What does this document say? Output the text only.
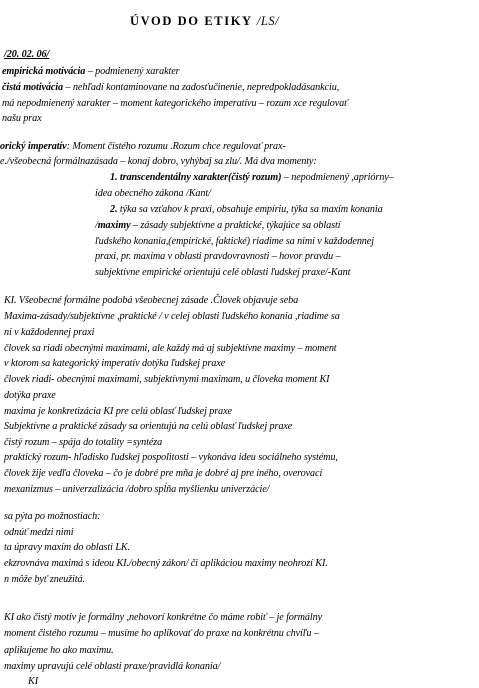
ÚVOD DO ETIKY /LS/
/20. 02. 06/
empirická motivácia – podmienený xarakter
čistá motivácia – nehľadí kontaminovane na zadosťučinenie, nepredpokladásankciu,
má nepodmienený xarakter – moment kategorického imperatívu – rozum xce regulovať
našu prax
orický imperatív: Moment čistého rozumu .Rozum chce regulovať prax-
e./všeobecná formálnazásada – konaj dobro, vyhýbaj sa zlu/. Má dva momenty:
1. transcendentálny xarakter(čistý rozum) – nepodmienený ,apriórny–
idea obecného zákona /Kant/
2. týka sa vzťahov k praxi, obsahuje empíriu, týka sa maxím konania
/maximy – zásady subjektívne a praktické, týkajúce sa oblastí
ľudského konania,(empirické, faktické) riadime sa nimi v každodennej
praxi, pr. maxima v oblasti pravdovravnosti – hovor pravdu –
subjektívne empirické orientujú celé oblasti ľudskej praxe/-Kant
KI. Všeobecné formálne podobá všeobecnej zásade .Človek objavuje seba
Maxima-zásady/subjektívne ,praktické / v celej oblasti ľudského konania ,riadime sa
ni v každodennej praxi
človek sa riadi obecnými maximami, ale každý má aj subjektívne maximy – moment
v ktorom sa kategorický imperatív dotýka ľudskej praxe
človek riadi- obecnými maximami, subjektívnymi maximam, u človeka moment KI
dotýka praxe
maxima je konkretizácia KI pre celú oblasť ľudskej praxe
Subjektívne a praktické zásady sa orientujú na celú oblasť ľudskej praxe
čistý rozum – spája do totality =syntéza
praktický rozum- hľadisko ľudskej pospolitosti – vykonáva ideu sociálneho systému,
človek žije vedľa človeka – čo je dobré pre mňa je dobré aj pre iného, overovací
mexanizmus – univerzalizácia /dobro spĺňa myšlienku univerzácie/
sa pýta po možnostiach:
odnúť medzi nimi
ta úpravy maxím do oblasti LK.
ekzrovnáva maximá s ideou KI./obecný zákon/ či aplikáciou maximy neohrozí KI.
n môže byť zneužitá.
KI ako čistý motív je formálny ,nehovorí konkrétne čo máme robiť – je formálny
moment čistého rozumu – musíme ho aplikovať do praxe na konkrétnu chvíľu –
aplikujeme ho ako maximu.
maximy upravujú celé oblasti praxe/pravidlá konania/
KI
